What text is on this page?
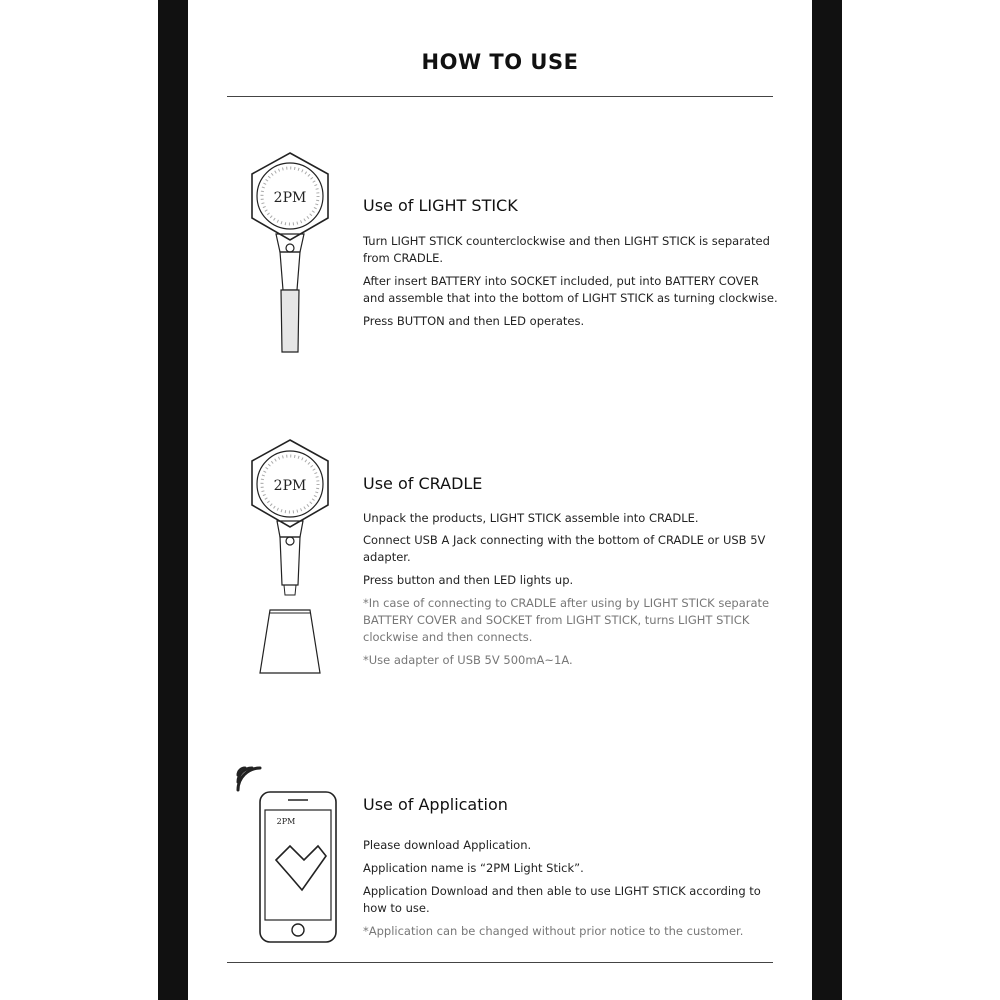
HOW TO USE
2PM	Use of LIGHT STICK
Turn LIGHT STICK counterclockwise and then LIGHT STICK is separated from CRADLE.
After insert BATTERY into SOCKET included, put into BATTERY COVER and assemble that into the bottom of LIGHT STICK as turning clockwise.
Press BUTTON and then LED operates.
2PM	Use of CRADLE
Unpack the products, LIGHT STICK assemble into CRADLE.
Connect USB A Jack connecting with the bottom of CRADLE or USB 5V adapter.
Press button and then LED lights up.
*In case of connecting to CRADLE after using by LIGHT STICK separate BATTERY COVER and SOCKET from LIGHT STICK, turns LIGHT STICK clockwise and then connects.
*Use adapter of USB 5V 500mA~1A.
2PM
Use of Application
Please download Application.
Application name is “2PM Light Stick”.
Application Download and then able to use LIGHT STICK according to how to use.
*Application can be changed without prior notice to the customer.
